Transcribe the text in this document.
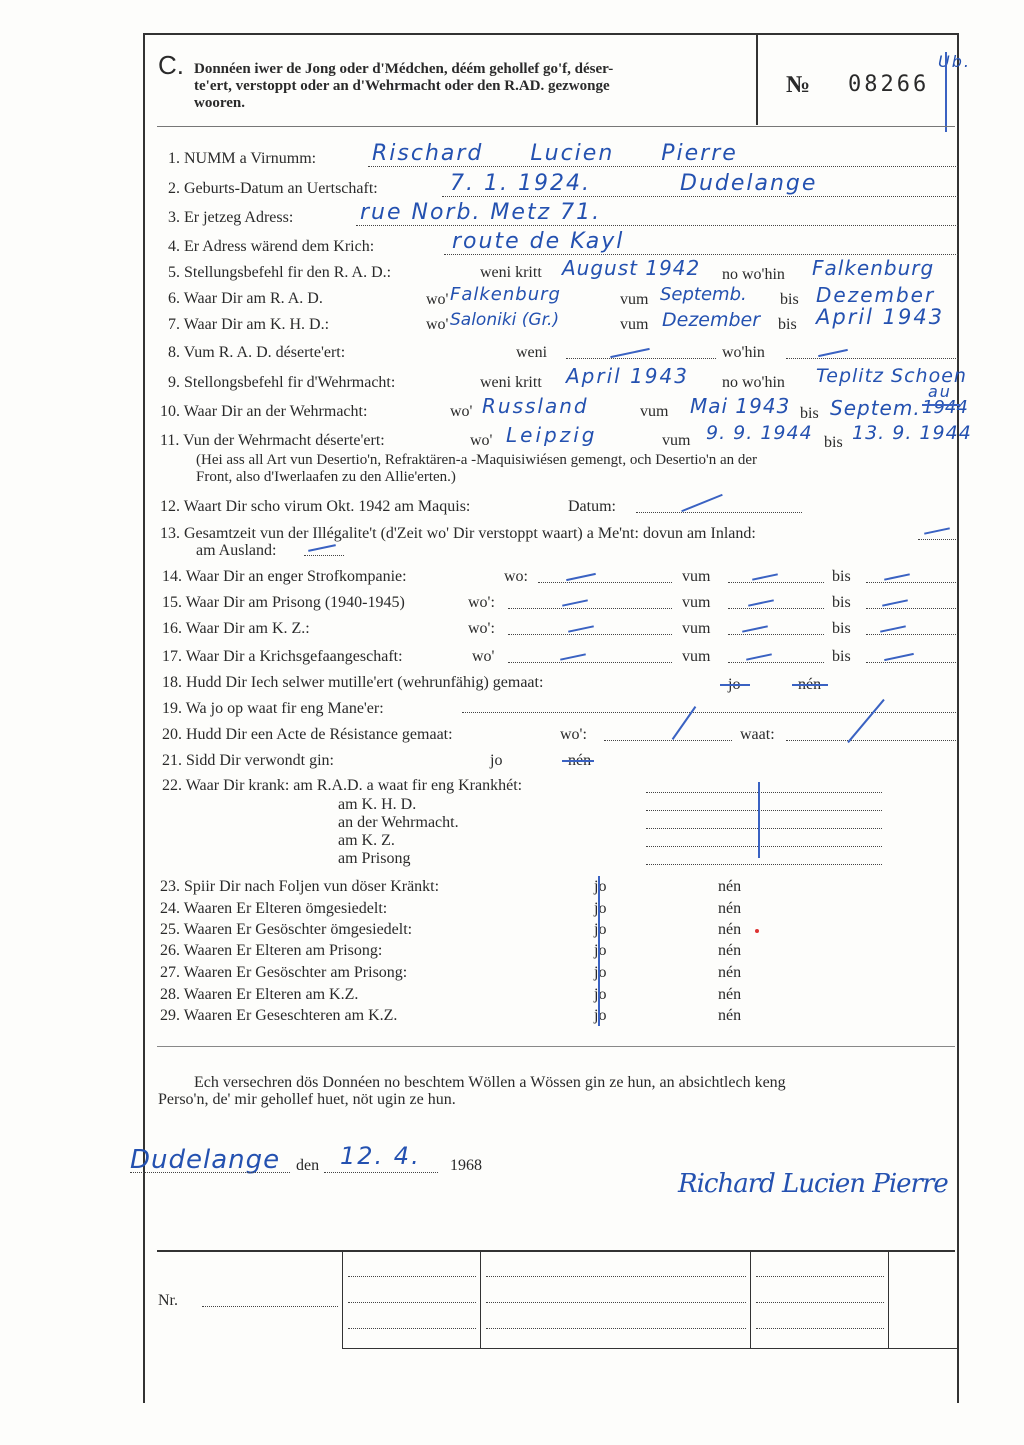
C. Donnéen iwer de Jong oder d'Médchen, déém gehollef go'f, déser-
te'ert, verstoppt oder an d'Wehrmacht oder den R.AD. gezwonge
wooren.
№ 08266
Ub.
1. NUMM a Virnumm:	Rischard Lucien Pierre
2. Geburts-Datum an Uertschaft:	7. 1. 1924.	Dudelange
3. Er jetzeg Adress:	rue Norb. Metz 71.
4. Er Adress wärend dem Krich:	route de Kayl
5. Stellungsbefehl fir den R. A. D.:	weni kritt August 1942 no wo'hin Falkenburg
6. Waar Dir am R. A. D.	wo' Falkenburg	vum Septemb. bis Dezember
7. Waar Dir am K. H. D.:	wo' Saloniki (Gr.)	vum Dezember bis April 1943
8. Vum R. A. D. déserte'ert:	weni	wo'hin
9. Stellongsbefehl fir d'Wehrmacht:	weni kritt April 1943 no wo'hin Teplitz Schoen
10. Waar Dir an der Wehrmacht:	wo' Russland	vum Mai 1943 bis Septem.
au
1944
11. Vun der Wehrmacht déserte'ert:	wo' Leipzig	vum 9. 9. 1944 bis 13. 9. 1944
(Hei ass all Art vun Desertio'n, Refraktären-a -Maquisiwiésen gemengt, och Desertio'n an der
Front, also d'Iwerlaafen zu den Allie'erten.)
12. Waart Dir scho virum Okt. 1942 am Maquis:	Datum:
13. Gesamtzeit vun der Illégalite't (d'Zeit wo' Dir verstoppt waart) a Me'nt: dovun am Inland:
am Ausland:
14. Waar Dir an enger Strofkompanie:	wo:	vum	bis
15. Waar Dir am Prisong (1940-1945)	wo':	vum	bis
16. Waar Dir am K. Z.:	wo':	vum	bis
17. Waar Dir a Krichsgefaangeschaft:	wo'	vum	bis
18. Hudd Dir Iech selwer mutille'ert (wehrunfähig) gemaat:	jo	nén
19. Wa jo op waat fir eng Mane'er:
20. Hudd Dir een Acte de Résistance gemaat:	wo':	waat:
21. Sidd Dir verwondt gin:	jo	nén
22. Waar Dir krank: am R.A.D. a waat fir eng Krankhét:
am K. H. D.
an der Wehrmacht.
am K. Z.
am Prisong
23. Spiir Dir nach Foljen vun döser Kränkt:	jo	nén
24. Waaren Er Elteren ömgesiedelt:	jo	nén
25. Waaren Er Gesöschter ömgesiedelt:	jo	nén
26. Waaren Er Elteren am Prisong:	jo	nén
27. Waaren Er Gesöschter am Prisong:	jo	nén
28. Waaren Er Elteren am K.Z.	jo	nén
29. Waaren Er Geseschteren am K.Z.	jo	nén
Ech versechren dös Donnéen no beschtem Wöllen a Wössen gin ze hun, an absichtlech keng
Perso'n, de' mir gehollef huet, nöt ugin ze hun.
Dudelange den 12. 4. 1968
Richard Lucien Pierre
Nr.
